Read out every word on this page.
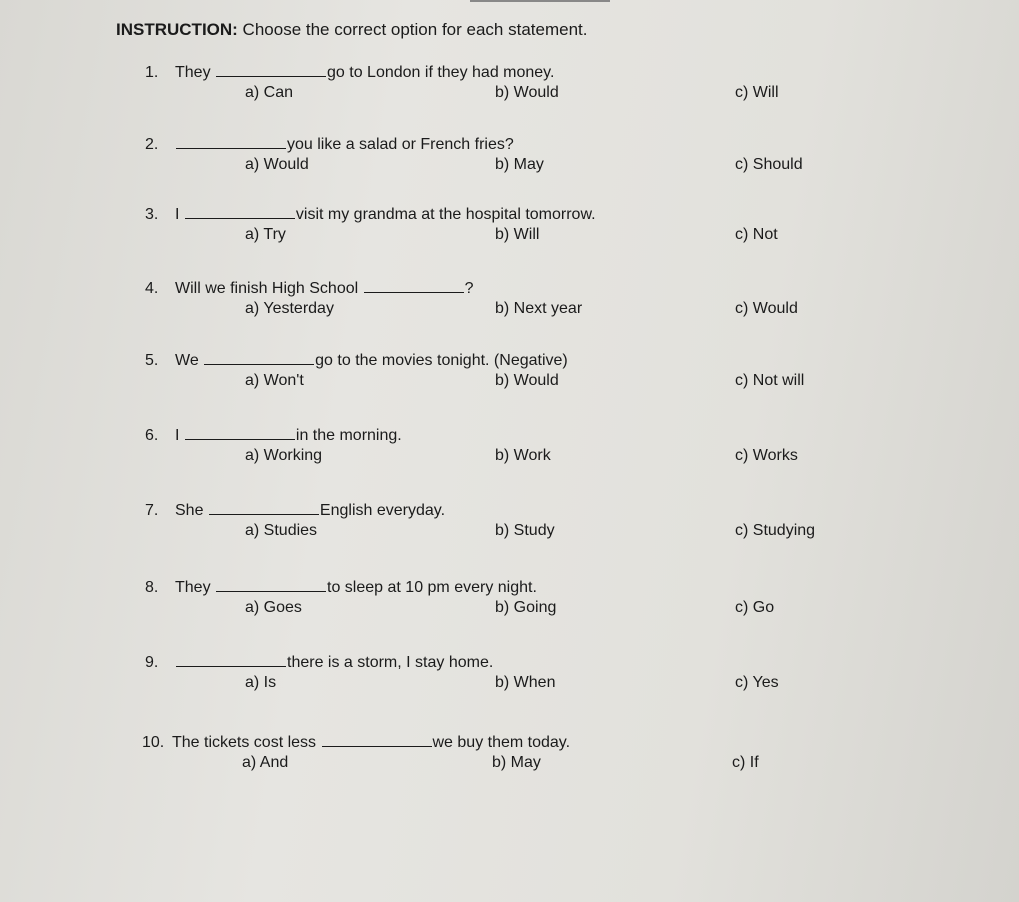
INSTRUCTION: Choose the correct option for each statement.

1. They	go to London if they had money.
a) Can	b) Would	c) Will
2.	you like a salad or French fries?
a) Would	b) May	c) Should
3. I	visit my grandma at the hospital tomorrow.
a) Try	b) Will	c) Not
4. Will we finish High School	?
a) Yesterday	b) Next year	c) Would
5. We	go to the movies tonight. (Negative)
a) Won't	b) Would	c) Not will
6. I	in the morning.
a) Working	b) Work	c) Works
7. She	English everyday.
a) Studies	b) Study	c) Studying
8. They	to sleep at 10 pm every night.
a) Goes	b) Going	c) Go
9.	there is a storm, I stay home.
a) Is	b) When	c) Yes
10. The tickets cost less	we buy them today.
a) And	b) May	c) If
